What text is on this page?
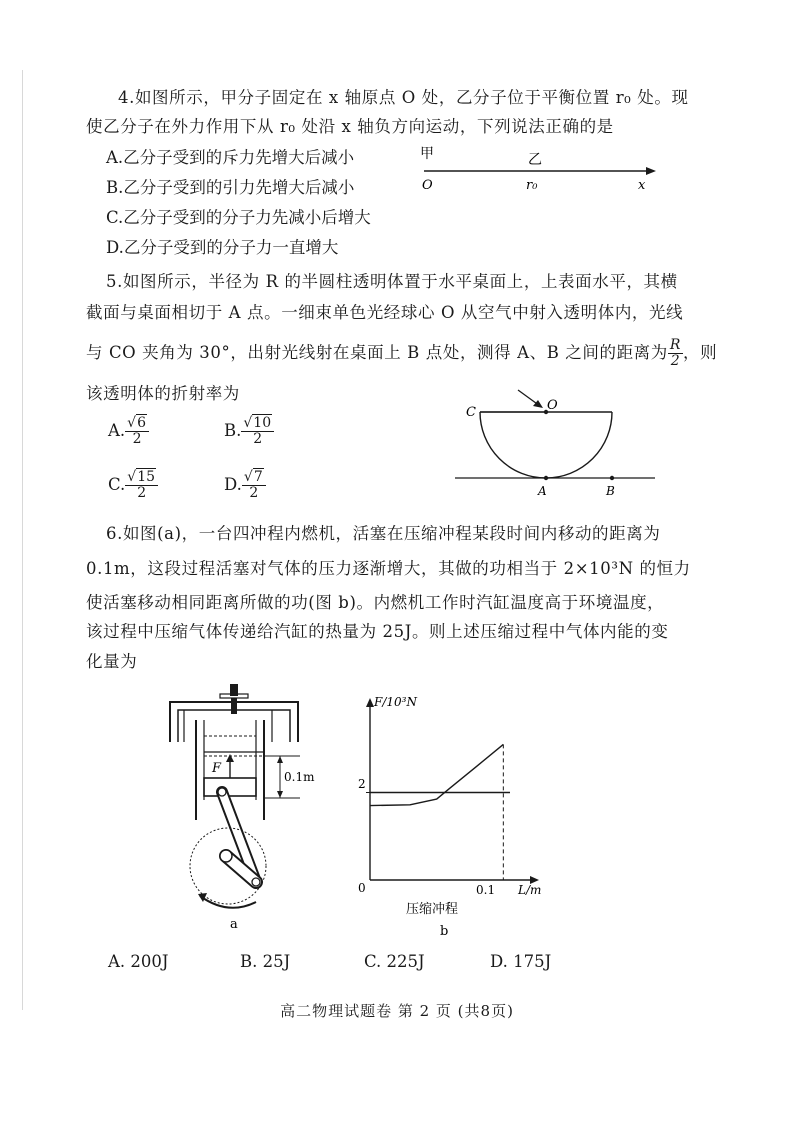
4.如图所示，甲分子固定在 x 轴原点 O 处，乙分子位于平衡位置 r₀ 处。现
使乙分子在外力作用下从 r₀ 处沿 x 轴负方向运动，下列说法正确的是
A.乙分子受到的斥力先增大后减小
B.乙分子受到的引力先增大后减小
C.乙分子受到的分子力先减小后增大
D.乙分子受到的分子力一直增大
甲	乙
O	r₀	x
5.如图所示，半径为 R 的半圆柱透明体置于水平桌面上，上表面水平，其横
截面与桌面相切于 A 点。一细束单色光经球心 O 从空气中射入透明体内，光线
与 CO 夹角为 30°，出射光线射在桌面上 B 点处，测得 A、B 之间的距离为 $\frac{R}{2}$ ，则
该透明体的折射率为
A. $\frac{√6}{2}$	B. $\frac{√10}{2}$
C. $\frac{√15}{2}$	D. $\frac{√7}{2}$
C	O
A	B
6.如图(a)，一台四冲程内燃机，活塞在压缩冲程某段时间内移动的距离为
0.1m，这段过程活塞对气体的压力逐渐增大，其做的功相当于 2×10³N 的恒力
使活塞移动相同距离所做的功(图 b)。内燃机工作时汽缸温度高于环境温度，
该过程中压缩气体传递给汽缸的热量为 25J。则上述压缩过程中气体内能的变
化量为
F
0.1m
a
F/10³N
2
0	0.1 L/m
压缩冲程
b
A. 200J	B. 25J	C. 225J	D. 175J
高二物理试题卷 第 2 页 (共8页)
